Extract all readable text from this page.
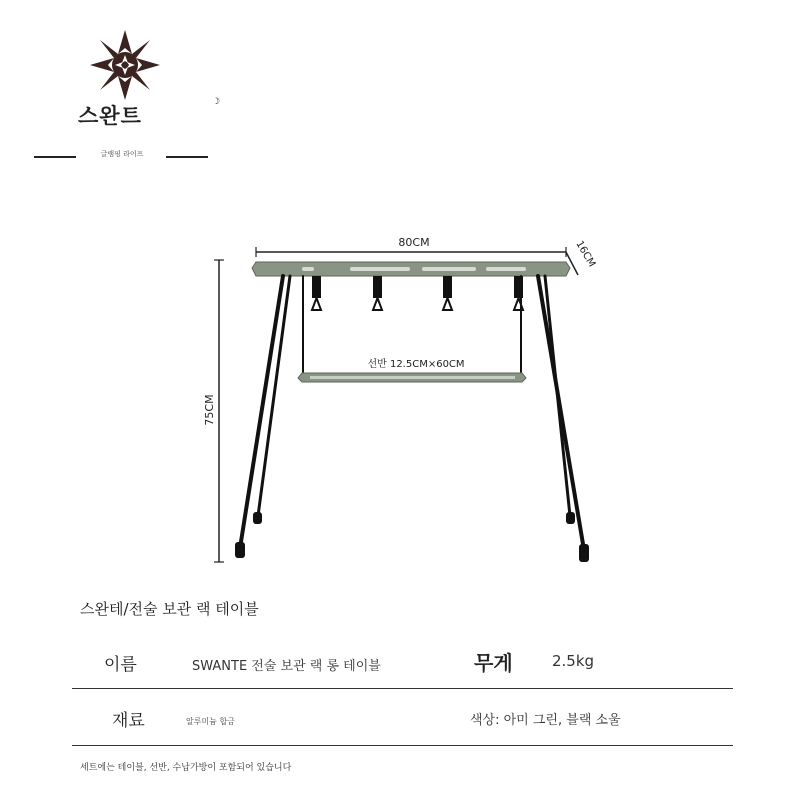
스완트
☽
글램핑 라이프
80CM	16CM
75CM
선반 12.5CM×60CM
스완테/전술 보관 랙 테이블
이름	SWANTE 전술 보관 랙 롱 테이블	무게	2.5kg
재료	알루미늄 합금	색상: 아미 그린, 블랙 소울
세트에는 테이블, 선반, 수납가방이 포함되어 있습니다
